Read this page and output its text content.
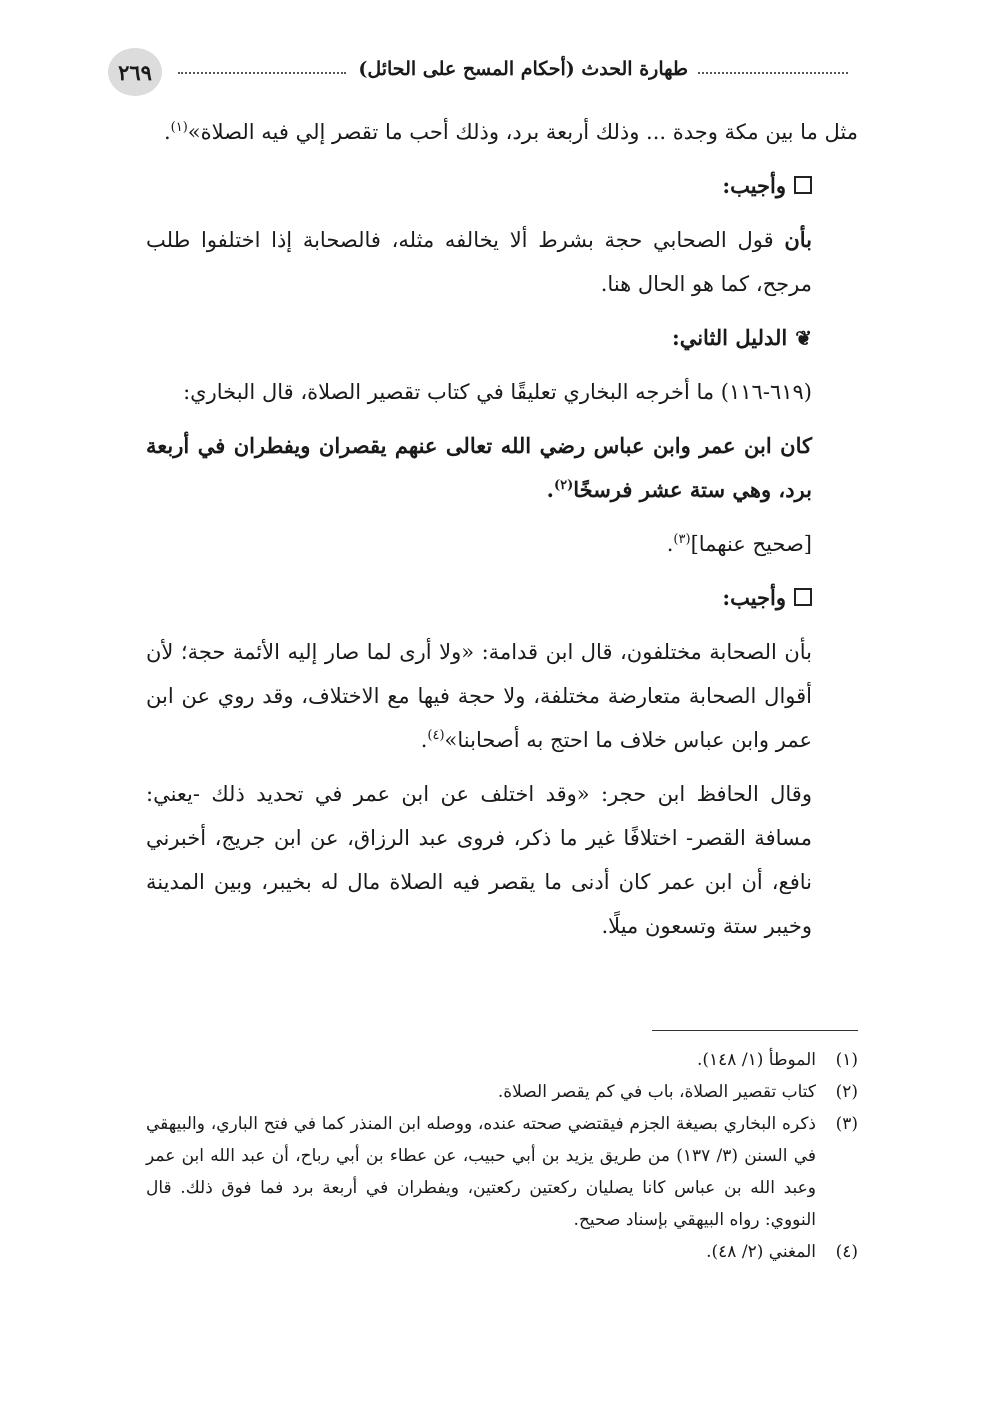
٢٦٩	طهارة الحدث (أحكام المسح على الحائل)

مثل ما بين مكة وجدة ... وذلك أربعة برد، وذلك أحب ما تقصر إلي فيه الصلاة»$^{(١)}$.

وأجيب:

بأن قول الصحابي حجة بشرط ألا يخالفه مثله، فالصحابة إذا اختلفوا طلب مرجح، كما هو الحال هنا.

❦الدليل الثاني:

(٦١٩-١١٦) ما أخرجه البخاري تعليقًا في كتاب تقصير الصلاة، قال البخاري:

كان ابن عمر وابن عباس رضي الله تعالى عنهم يقصران ويفطران في أربعة برد، وهي ستة عشر فرسخًا$^{(٢)}$.

[صحيح عنهما]$^{(٣)}$.

وأجيب:

بأن الصحابة مختلفون، قال ابن قدامة: «ولا أرى لما صار إليه الأئمة حجة؛ لأن أقوال الصحابة متعارضة مختلفة، ولا حجة فيها مع الاختلاف، وقد روي عن ابن عمر وابن عباس خلاف ما احتج به أصحابنا»$^{(٤)}$.

وقال الحافظ ابن حجر: «وقد اختلف عن ابن عمر في تحديد ذلك -يعني: مسافة القصر- اختلافًا غير ما ذكر، فروى عبد الرزاق، عن ابن جريج، أخبرني نافع، أن ابن عمر كان أدنى ما يقصر فيه الصلاة مال له بخيبر، وبين المدينة وخيبر ستة وتسعون ميلًا.

(١)
الموطأ (١/ ١٤٨).
(٢)
كتاب تقصير الصلاة، باب في كم يقصر الصلاة.
(٣)
ذكره البخاري بصيغة الجزم فيقتضي صحته عنده، ووصله ابن المنذر كما في فتح الباري، والبيهقي في السنن (٣/ ١٣٧) من طريق يزيد بن أبي حبيب، عن عطاء بن أبي رباح، أن عبد الله ابن عمر وعبد الله بن عباس كانا يصليان ركعتين ركعتين، ويفطران في أربعة برد فما فوق ذلك. قال النووي: رواه البيهقي بإسناد صحيح.
(٤)
المغني (٢/ ٤٨).
